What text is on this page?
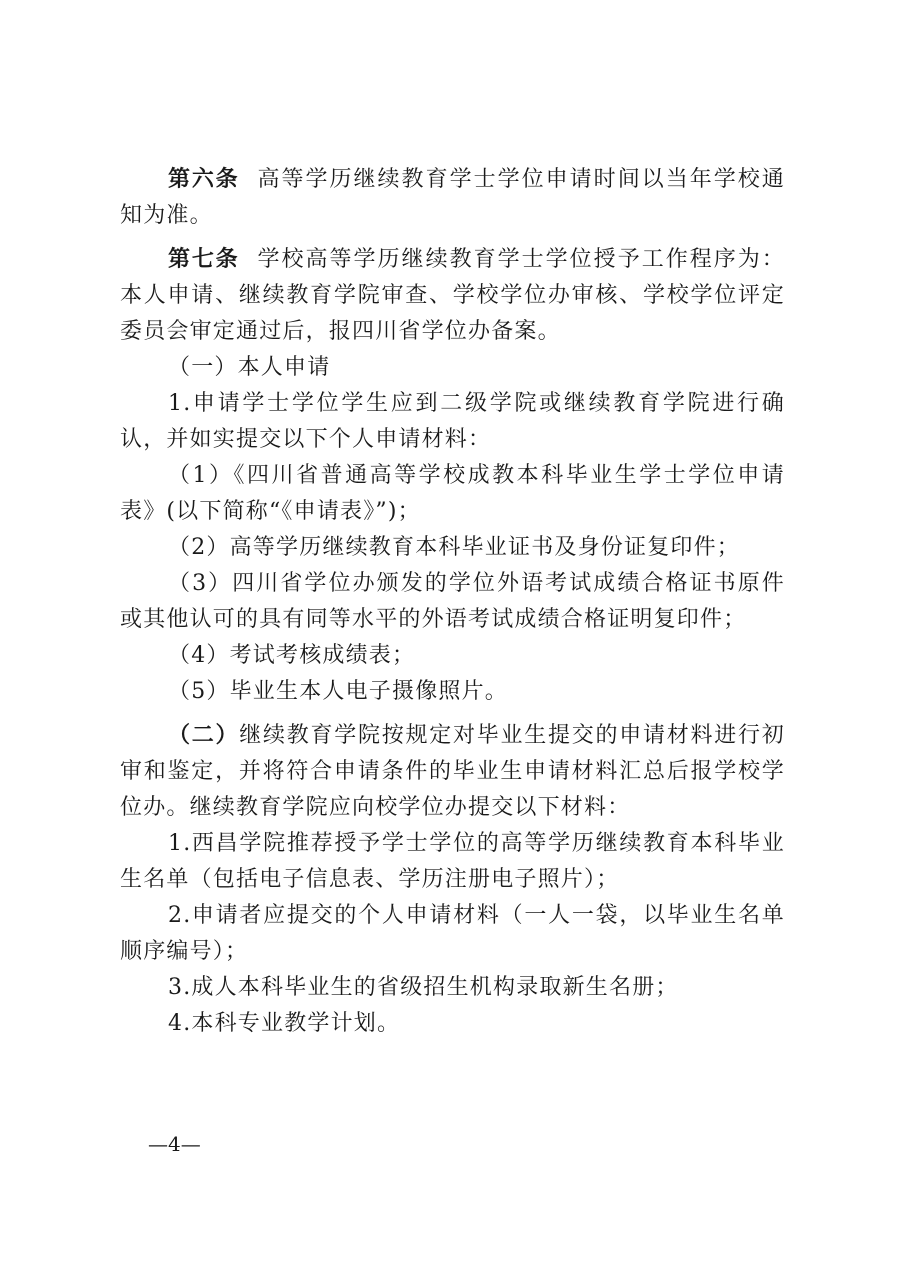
第六条 高等学历继续教育学士学位申请时间以当年学校通知为准。

第七条 学校高等学历继续教育学士学位授予工作程序为：本人申请、继续教育学院审查、学校学位办审核、学校学位评定委员会审定通过后，报四川省学位办备案。

（一）本人申请

1.申请学士学位学生应到二级学院或继续教育学院进行确认，并如实提交以下个人申请材料：

（1）《四川省普通高等学校成教本科毕业生学士学位申请表》(以下简称“《申请表》”)；

（2）高等学历继续教育本科毕业证书及身份证复印件；

（3）四川省学位办颁发的学位外语考试成绩合格证书原件或其他认可的具有同等水平的外语考试成绩合格证明复印件；

（4）考试考核成绩表；

（5）毕业生本人电子摄像照片。

（二）继续教育学院按规定对毕业生提交的申请材料进行初审和鉴定，并将符合申请条件的毕业生申请材料汇总后报学校学位办。继续教育学院应向校学位办提交以下材料：

1.西昌学院推荐授予学士学位的高等学历继续教育本科毕业生名单（包括电子信息表、学历注册电子照片）；

2.申请者应提交的个人申请材料（一人一袋，以毕业生名单顺序编号）；

3.成人本科毕业生的省级招生机构录取新生名册；

4.本科专业教学计划。

—4—
